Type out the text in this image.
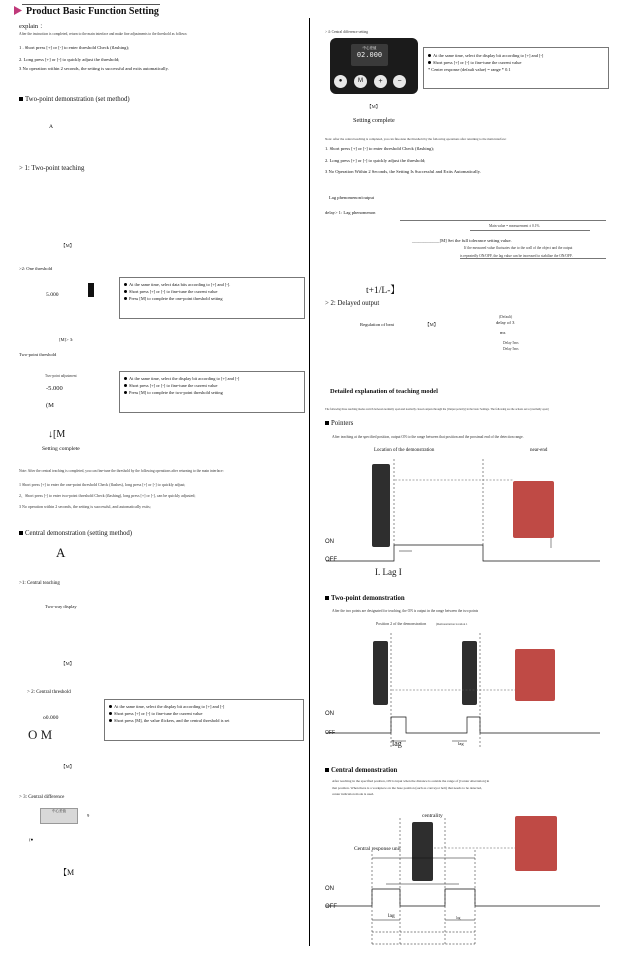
Product Basic Function Setting
explain ：
After the instruction is completed, return to the main interface and make fine adjustments to the threshold as follows:
1 . Short press [+] or [-] to enter threshold Check (flashing);
2. Long press [+] or [-] to quickly adjust the threshold;
3 No operation within 2 seconds, the setting is successful and exits automatically.
Two-point demonstration (set method)
A
> 1: Two-point teaching
【M】
>2: One threshold
5.000
At the same time, select data bits according to [+] and [-].
Short press [+] or [-] to fine-tune the current value
Press [M] to complete the one-point threshold setting
[M]> 3:
Two-point threshold
Two-point adjustment
-5.000
(M
At the same time, select the display bit according to [+] and [-]
Short press [+] or [-] to fine-tune the current value
Press [M] to complete the two-point threshold setting
↓[M
Setting complete
Note: After the central teaching is completed, you can fine-tune the threshold by the following operations after returning to the main interface:
1 Short press [+] to enter the one-point threshold Check (flashes), long press [+] or [-] to quickly adjust;
2、Short press [-] to enter two-point threshold Check (flashing), long press [+] or [-], can be quickly adjusted;
3 No operation within 2 seconds, the setting is successful, and automatically exits;
Central demonstration (setting method)
A
>1: Central teaching
Two-way display
【M】
> 2: Central threshold
o0.000
O M
At the same time, select the display bit according to [+] and [-]
Short press [+] or [-] to fine-tune the current value
Short press [M], the value flickers, and the central threshold is set
【M】
> 3: Central difference
中心差值
9
(●
【M
> 4: Central difference setting
中心差值
02.000
●	M	+	−
At the same time, select the display bit according to [+] and [-]
Short press [+] or [-] to fine-tune the current value
* Center response (default value) = range * 0.1
【M】
Setting complete
Note: After the central teaching is completed, you can fine-tune the threshold by the following operations after returning to the main interface:
1. Short press [+] or [-] to enter threshold Check (flashing);
2. Long press [+] or [-] to quickly adjust the threshold;
3 No Operation Within 2 Seconds, the Setting Is Successful and Exits Automatically.
Lag phenomenon/output
delay> 1: Lag phenomenon
Main value = measurement ± 0.1%
____________[M] Set the full tolerance setting value.
If the measured value fluctuates due to the wall of the object and the output
is repeatedly ON/OFF, the lag value can be increased to stabilize the ON/OFF.
t+1/L-】
> 2: Delayed output
(Default)
delay of 3
Regulation of beat	【M】
ms
Delay 5ms
Delay 5ms
Detailed explanation of teaching model
The following three teaching modes switch between normally open and normally closed outputs through the [Output polarity] in the basic Settings. The following are the actions set to [normally open]
Pointers
After teaching at the specified position, output ON to the range between that position and the proximal end of the detection range.
Location of the demonstration	near-end
ON
OFF
I. Lag I
Two-point demonstration
After the two points are designated for teaching, the ON is output in the range between the two points
Position 2 of the demonstration	(Demonstration location 1
ON
OFF
lag	lag
Central demonstration
After teaching in the specified position, ON is input when the distance is outside the range of [Center Aberration] in
that position. When there is a workpiece on the base position (such as conveyor belt) that needs to be detected,
center indication mode is used.
centrality
Central response unit
ON
OFF
lag	lag
